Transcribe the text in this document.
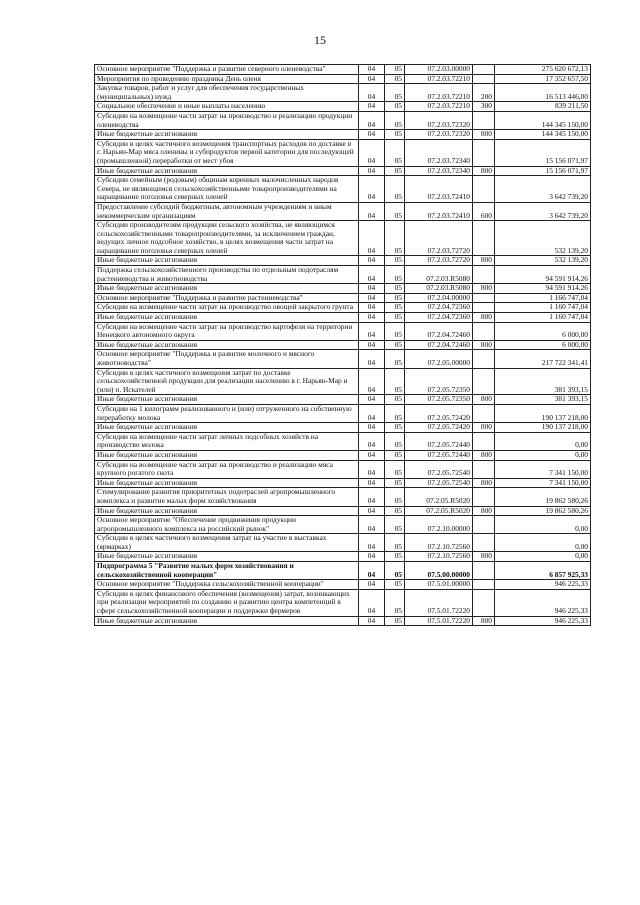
15
Основное мероприятие "Поддержка и развитие северного оленеводства"	04	05	07.2.03.00000		275 620 672,13
Мероприятия по проведению праздника День оленя	04	05	07.2.03.72210		17 352 657,50
Закупка товаров, работ и услуг для обеспечения государственных (муниципальных) нужд	04	05	07.2.03.72210	200	16 513 446,00
Социальное обеспечение и иные выплаты населению	04	05	07.2.03.72210	300	839 211,50
Субсидии на возмещение части затрат на производство и реализацию продукции оленеводства	04	05	07.2.03.72320		144 345 150,00
Иные бюджетные ассигнования	04	05	07.2.03.72320	800	144 345 150,00
Субсидии в целях частичного возмещения транспортных расходов по доставке в г. Нарьян-Мар мяса оленины и субпродуктов первой категории для последующей (промышленной) переработки от мест убоя	04	05	07.2.03.72340		15 156 071,97
Иные бюджетные ассигнования	04	05	07.2.03.72340	800	15 156 071,97
Субсидии семейным (родовым) общинам коренных малочисленных народов Севера, не являющимся сельскохозяйственными товаропроизводителями на наращивание поголовья северных оленей	04	05	07.2.03.72410		3 642 739,20
Предоставление субсидий бюджетным, автономным учреждениям и иным некоммерческим организациям	04	05	07.2.03.72410	600	3 642 739,20
Субсидии производителям продукции сельского хозяйства, не являющимся сельскохозяйственными товаропроизводителями, за исключением граждан, ведущих личное подсобное хозяйство, в целях возмещения части затрат на наращивание поголовья северных оленей	04	05	07.2.03.72720		532 139,20
Иные бюджетные ассигнования	04	05	07.2.03.72720	800	532 139,20
Поддержка сельскохозяйственного производства по отдельным подотраслям растениеводства и животноводства	04	05	07.2.03.R5080		94 591 914,26
Иные бюджетные ассигнования	04	05	07.2.03.R5080	800	94 591 914,26
Основное мероприятие "Поддержка и развитие растениеводства"	04	05	07.2.04.00000		1 166 747,04
Субсидии на возмещение части затрат на производство овощей закрытого грунта	04	05	07.2.04.72360		1 160 747,04
Иные бюджетные ассигнования	04	05	07.2.04.72360	800	1 160 747,04
Субсидии на возмещение части затрат на производство картофеля на территории Ненецкого автономного округа	04	05	07.2.04.72460		6 000,00
Иные бюджетные ассигнования	04	05	07.2.04.72460	800	6 000,00
Основное мероприятие "Поддержка и развитие молочного и мясного животноводства"	04	05	07.2.05.00000		217 722 341,41
Субсидии в целях частичного возмещения затрат по доставке сельскохозяйственной продукции для реализации населению в г. Нарьян-Мар и (или) п. Искателей	04	05	07.2.05.72350		381 393,15
Иные бюджетные ассигнования	04	05	07.2.05.72350	800	381 393,15
Субсидии на 1 килограмм реализованного и (или) отгруженного на собственную переработку молока	04	05	07.2.05.72420		190 137 218,00
Иные бюджетные ассигнования	04	05	07.2.05.72420	800	190 137 218,00
Субсидии на возмещение части затрат личных подсобных хозяйств на производство молока	04	05	07.2.05.72440		0,00
Иные бюджетные ассигнования	04	05	07.2.05.72440	800	0,00
Субсидии на возмещение части затрат на производство и реализацию мяса крупного рогатого скота	04	05	07.2.05.72540		7 341 150,00
Иные бюджетные ассигнования	04	05	07.2.05.72540	800	7 341 150,00
Стимулирование развития приоритетных подотраслей агропромышленного комплекса и развитие малых форм хозяйствования	04	05	07.2.05.R5020		19 862 580,26
Иные бюджетные ассигнования	04	05	07.2.05.R5020	800	19 862 580,26
Основное мероприятие "Обеспечение продвижения продукции агропромышленного комплекса на российский рынок"	04	05	07.2.10.00000		0,00
Субсидии в целях частичного возмещения затрат на участие в выставках (ярмарках)	04	05	07.2.10.72560		0,00
Иные бюджетные ассигнования	04	05	07.2.10.72560	800	0,00
Подпрограмма 5 "Развитие малых форм хозяйствования и сельскохозяйственной кооперации"	04	05	07.5.00.00000		6 857 925,33
Основное мероприятие "Поддержка сельскохозяйственной кооперации"	04	05	07.5.01.00000		946 225,33
Субсидии в целях финансового обеспечения (возмещения) затрат, возникающих при реализации мероприятий по созданию и развитию центра компетенций в сфере сельскохозяйственной кооперации и поддержки фермеров	04	05	07.5.01.72220		946 225,33
Иные бюджетные ассигнования	04	05	07.5.01.72220	800	946 225,33
